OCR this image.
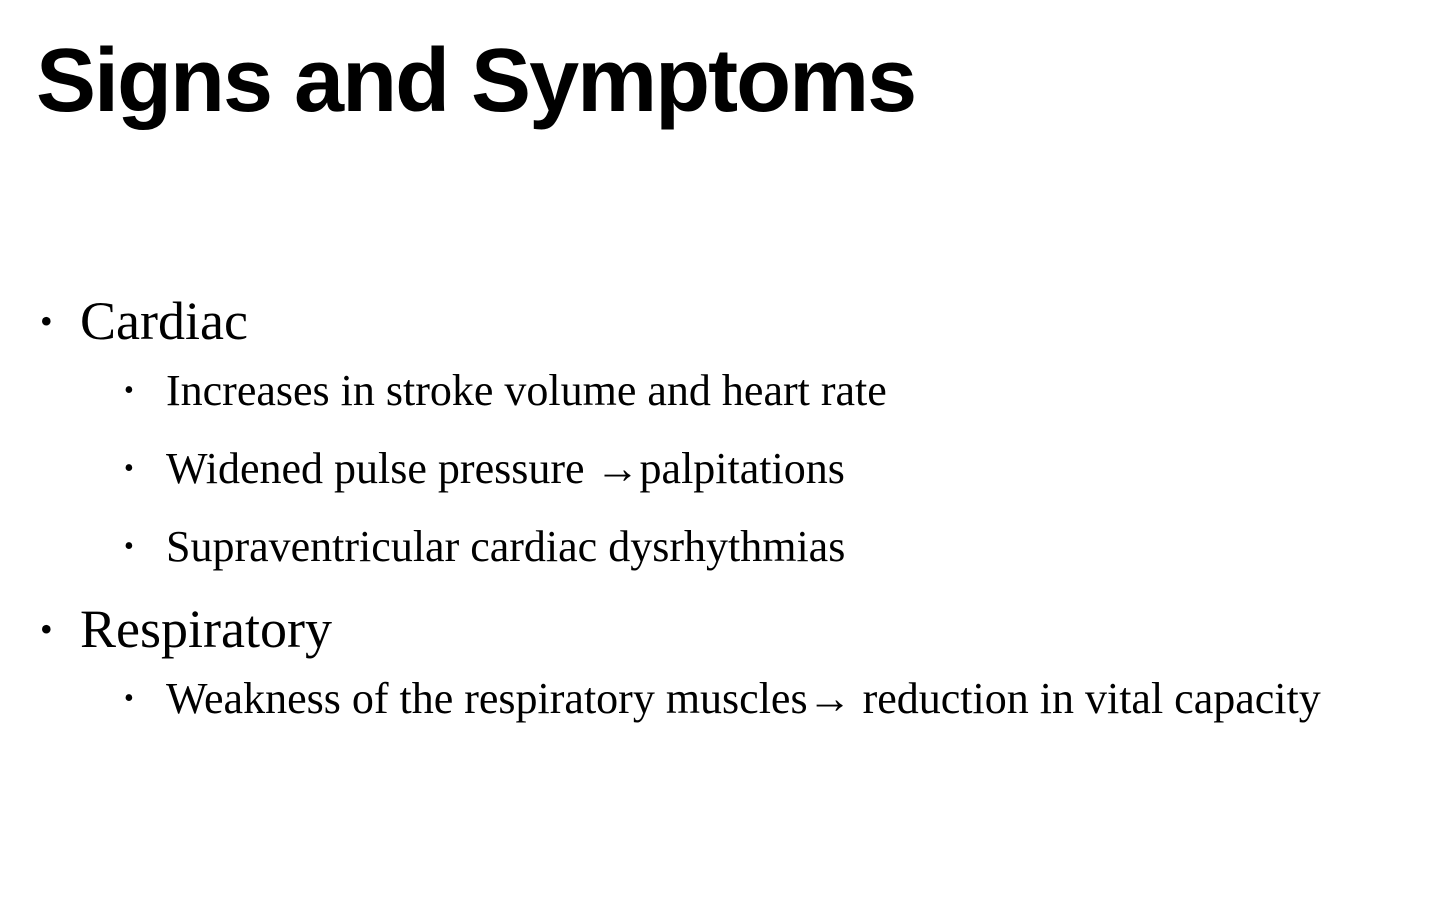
Signs and Symptoms
• Cardiac
• Increases in stroke volume and heart rate
• Widened pulse pressure →palpitations
• Supraventricular cardiac dysrhythmias
• Respiratory
• Weakness of the respiratory muscles→ reduction in vital capacity
